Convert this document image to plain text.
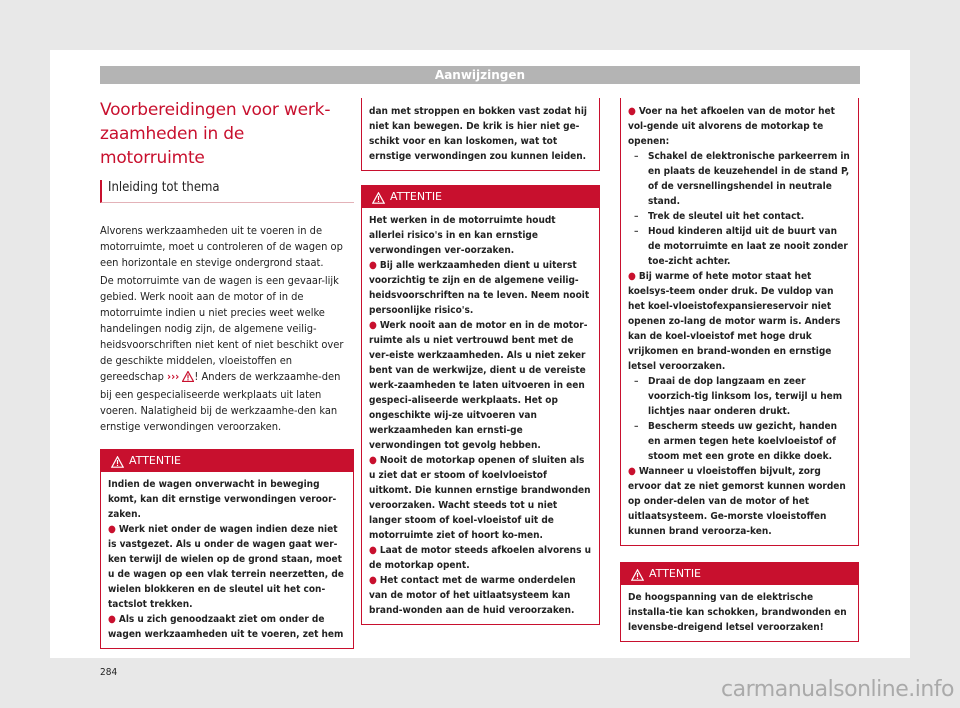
Aanwijzingen
Voorbereidingen voor werk-
zaamheden in de motorruimte
Inleiding tot thema

Alvorens werkzaamheden uit te voeren in de motorruimte, moet u controleren of de wagen op een horizontale en stevige ondergrond staat.

De motorruimte van de wagen is een gevaar-lijk gebied. Werk nooit aan de motor of in de motorruimte indien u niet precies weet welke handelingen nodig zijn, de algemene veilig-heidsvoorschriften niet kent of niet beschikt over de geschikte middelen, vloeistoffen en gereedschap ››› ! Anders de werkzaamhe-den bij een gespecialiseerde werkplaats uit laten voeren. Nalatigheid bij de werkzaamhe-den kan ernstige verwondingen veroorzaken.

ATTENTIE

Indien de wagen onverwacht in beweging komt, kan dit ernstige verwondingen veroor-zaken.

● Werk niet onder de wagen indien deze niet is vastgezet. Als u onder de wagen gaat wer-ken terwijl de wielen op de grond staan, moet u de wagen op een vlak terrein neerzetten, de wielen blokkeren en de sleutel uit het con-tactslot trekken.

● Als u zich genoodzaakt ziet om onder de wagen werkzaamheden uit te voeren, zet hem

dan met stroppen en bokken vast zodat hij niet kan bewegen. De krik is hier niet ge-schikt voor en kan loskomen, wat tot ernstige verwondingen zou kunnen leiden.

ATTENTIE

Het werken in de motorruimte houdt allerlei risico's in en kan ernstige verwondingen ver-oorzaken.

● Bij alle werkzaamheden dient u uiterst voorzichtig te zijn en de algemene veilig-heidsvoorschriften na te leven. Neem nooit persoonlijke risico's.

● Werk nooit aan de motor en in de motor-ruimte als u niet vertrouwd bent met de ver-eiste werkzaamheden. Als u niet zeker bent van de werkwijze, dient u de vereiste werk-zaamheden te laten uitvoeren in een gespeci-aliseerde werkplaats. Het op ongeschikte wij-ze uitvoeren van werkzaamheden kan ernsti-ge verwondingen tot gevolg hebben.

● Nooit de motorkap openen of sluiten als u ziet dat er stoom of koelvloeistof uitkomt. Die kunnen ernstige brandwonden veroorzaken. Wacht steeds tot u niet langer stoom of koel-vloeistof uit de motorruimte ziet of hoort ko-men.

● Laat de motor steeds afkoelen alvorens u de motorkap opent.

● Het contact met de warme onderdelen van de motor of het uitlaatsysteem kan brand-wonden aan de huid veroorzaken.

● Voer na het afkoelen van de motor het vol-gende uit alvorens de motorkap te openen:

– Schakel de elektronische parkeerrem in en plaats de keuzehendel in de stand P, of de versnellingshendel in neutrale stand.

– Trek de sleutel uit het contact.

– Houd kinderen altijd uit de buurt van de motorruimte en laat ze nooit zonder toe-zicht achter.

● Bij warme of hete motor staat het koelsys-teem onder druk. De vuldop van het koel-vloeistofexpansiereservoir niet openen zo-lang de motor warm is. Anders kan de koel-vloeistof met hoge druk vrijkomen en brand-wonden en ernstige letsel veroorzaken.

– Draai de dop langzaam en zeer voorzich-tig linksom los, terwijl u hem lichtjes naar onderen drukt.

– Bescherm steeds uw gezicht, handen en armen tegen hete koelvloeistof of stoom met een grote en dikke doek.

● Wanneer u vloeistoffen bijvult, zorg ervoor dat ze niet gemorst kunnen worden op onder-delen van de motor of het uitlaatsysteem. Ge-morste vloeistoffen kunnen brand veroorza-ken.

ATTENTIE

De hoogspanning van de elektrische installa-tie kan schokken, brandwonden en levensbe-dreigend letsel veroorzaken!

284
carmanualsonline.info
